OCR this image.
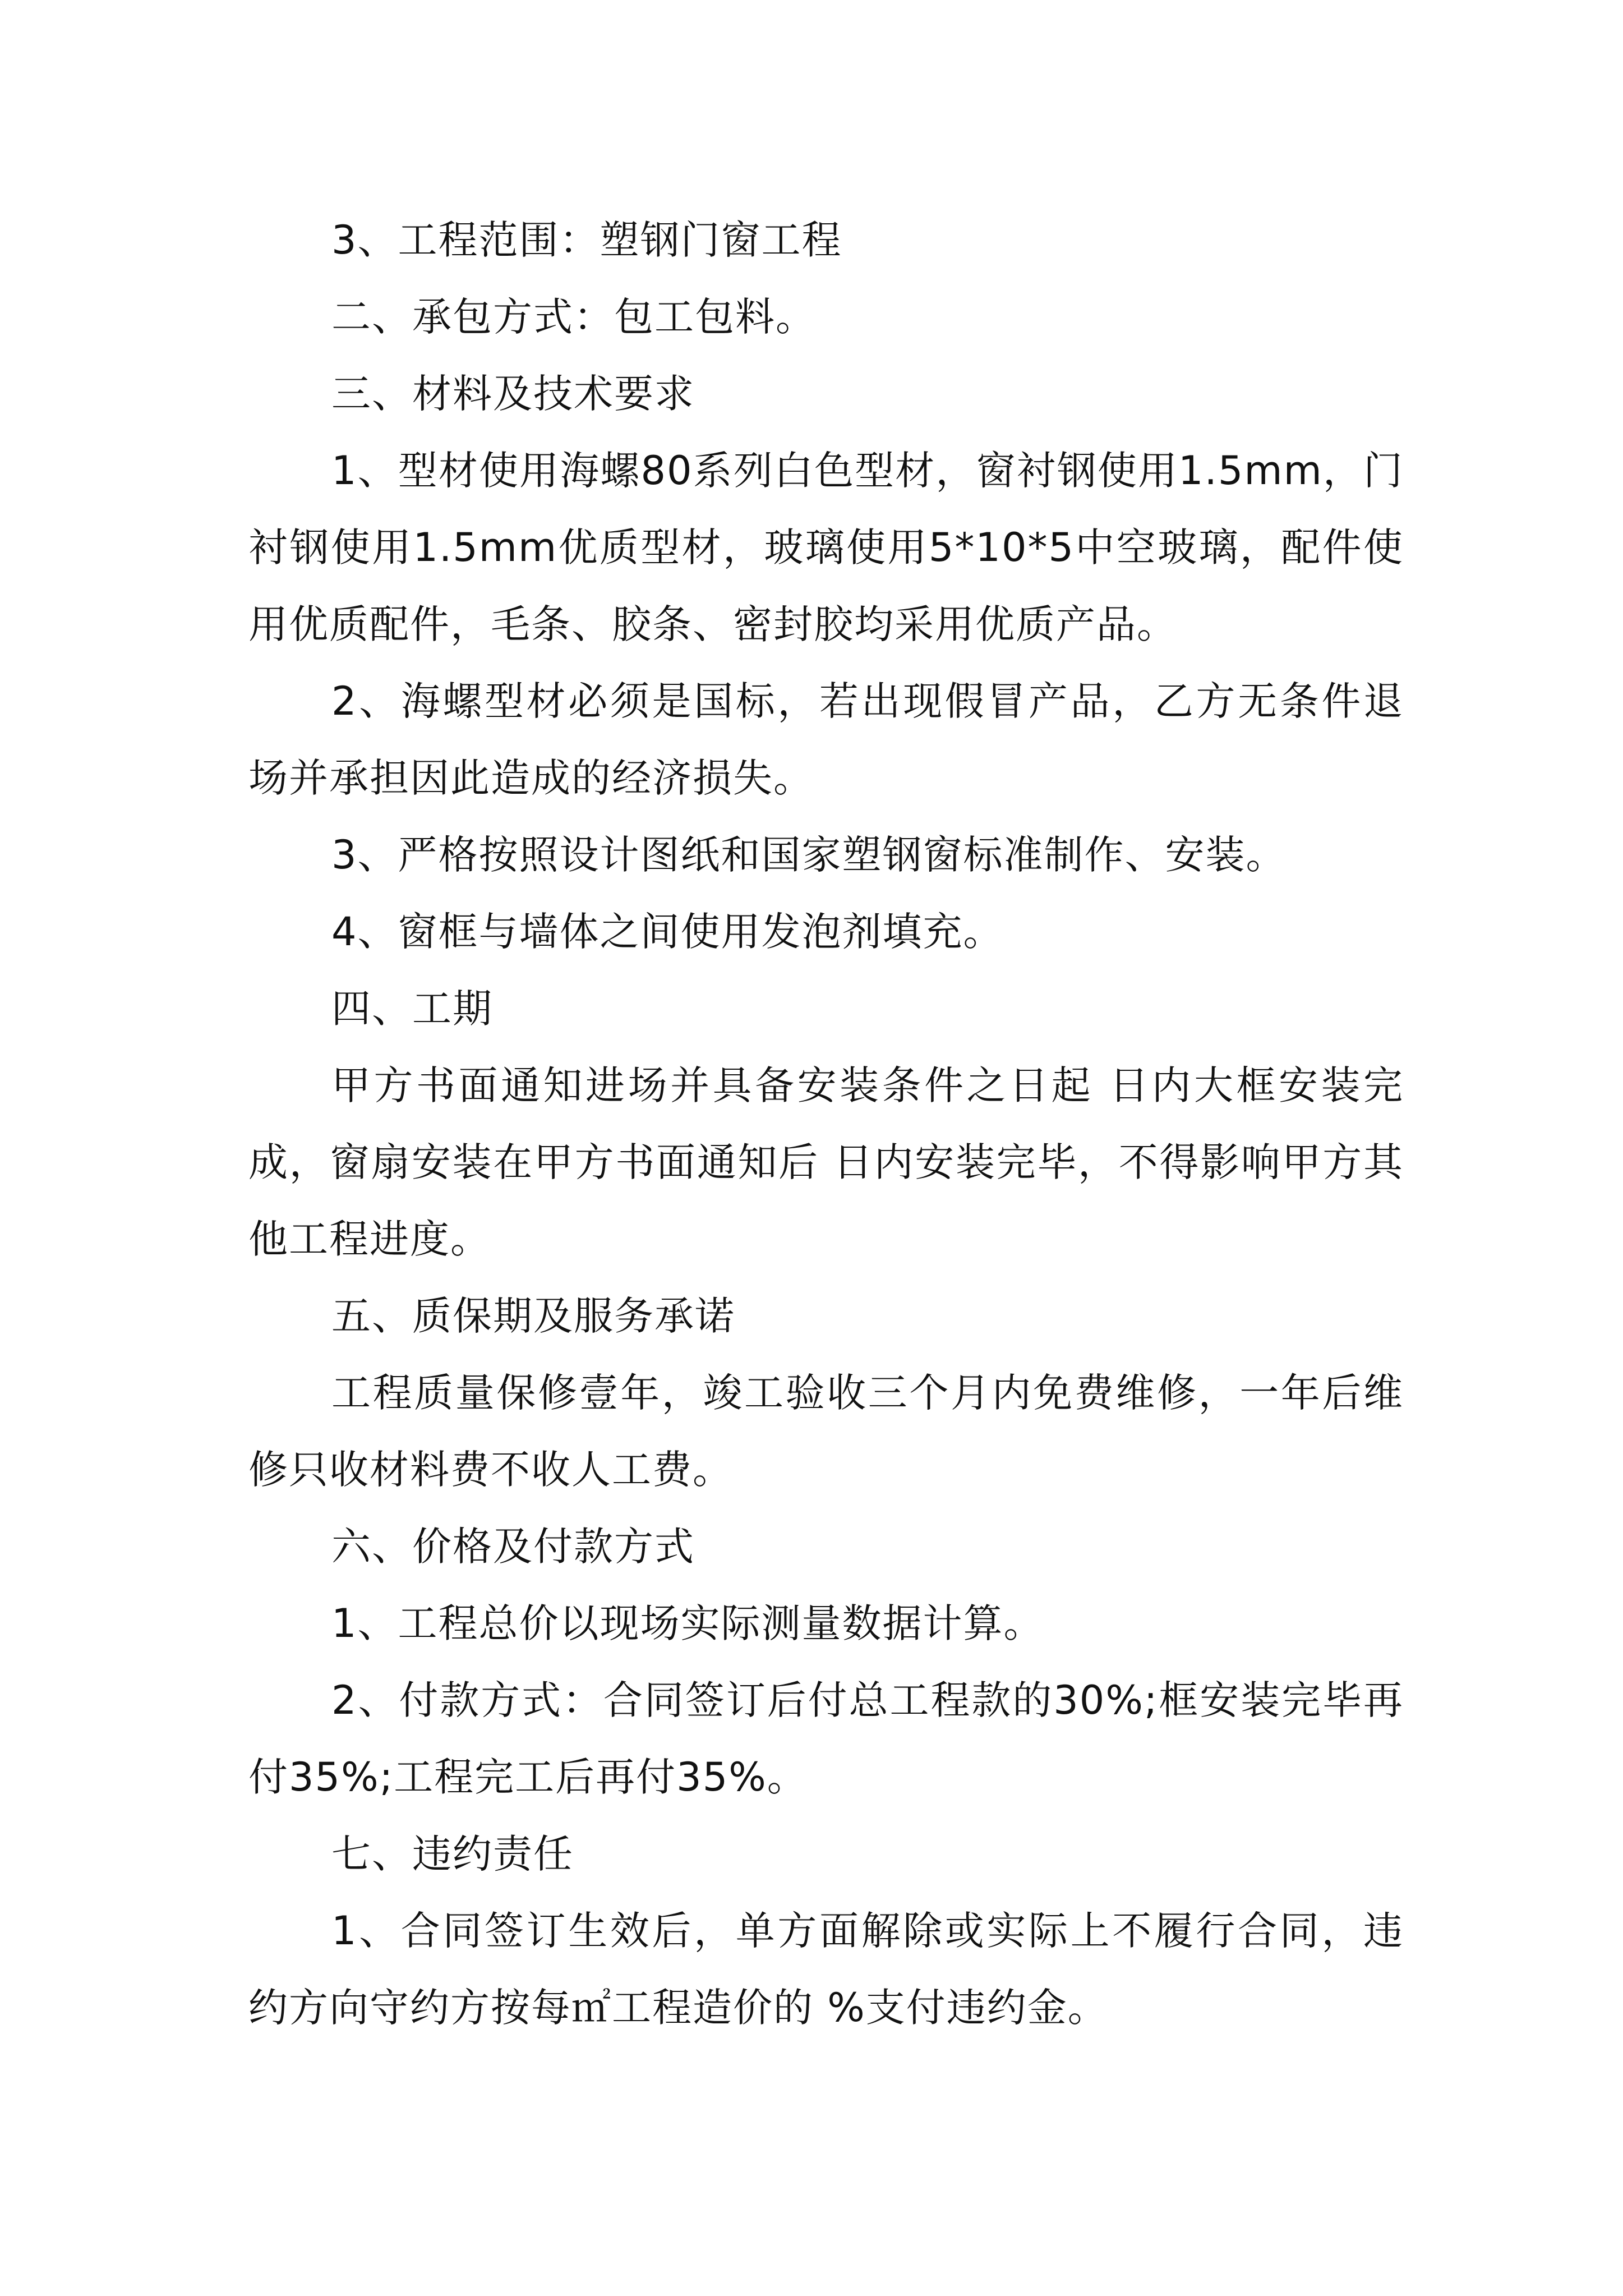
3、工程范围：塑钢门窗工程

二、承包方式：包工包料。

三、材料及技术要求

1、型材使用海螺80系列白色型材，窗衬钢使用1.5mm，门衬钢使用1.5mm优质型材，玻璃使用5*10*5中空玻璃，配件使用优质配件，毛条、胶条、密封胶均采用优质产品。

2、海螺型材必须是国标，若出现假冒产品，乙方无条件退场并承担因此造成的经济损失。

3、严格按照设计图纸和国家塑钢窗标准制作、安装。

4、窗框与墙体之间使用发泡剂填充。

四、工期

甲方书面通知进场并具备安装条件之日起 日内大框安装完成，窗扇安装在甲方书面通知后 日内安装完毕，不得影响甲方其他工程进度。

五、质保期及服务承诺

工程质量保修壹年，竣工验收三个月内免费维修，一年后维修只收材料费不收人工费。

六、价格及付款方式

1、工程总价以现场实际测量数据计算。

2、付款方式：合同签订后付总工程款的30%;框安装完毕再付35%;工程完工后再付35%。

七、违约责任

1、合同签订生效后，单方面解除或实际上不履行合同，违约方向守约方按每㎡工程造价的 %支付违约金。
